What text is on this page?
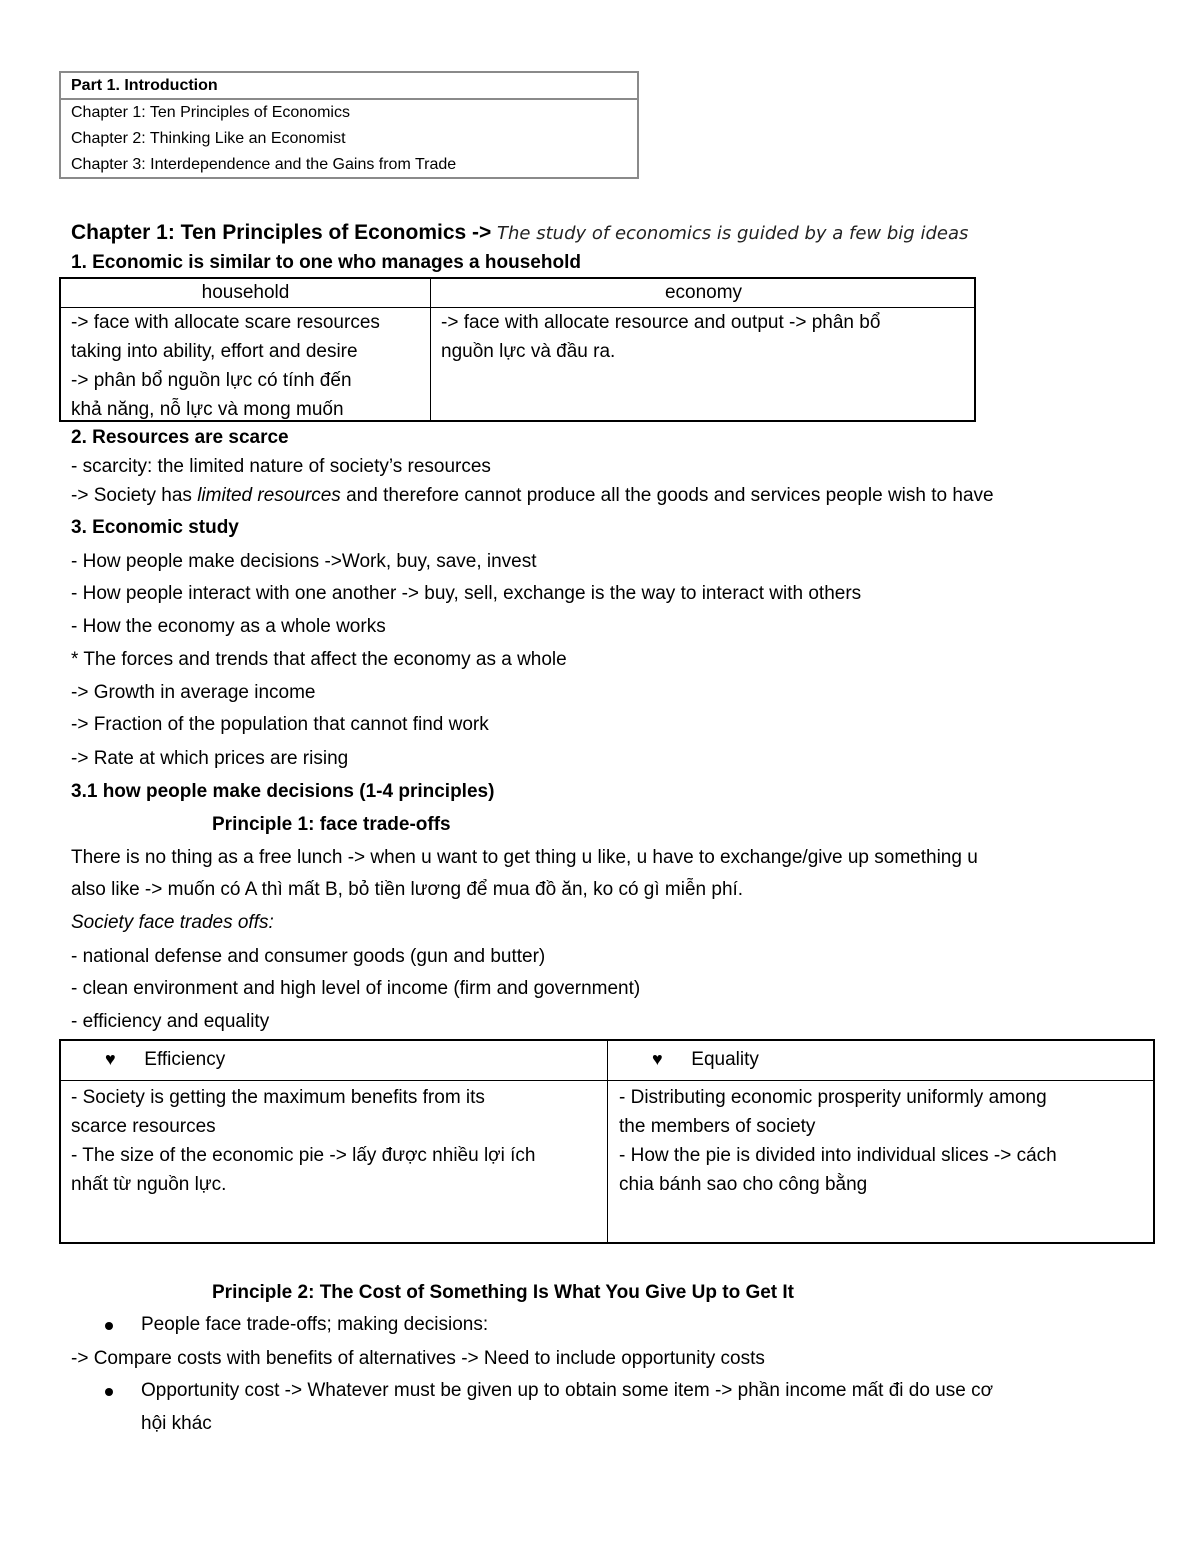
Part 1. Introduction
Chapter 1: Ten Principles of Economics
Chapter 2: Thinking Like an Economist
Chapter 3: Interdependence and the Gains from Trade
Chapter 1: Ten Principles of Economics -> The study of economics is guided by a few big ideas
1. Economic is similar to one who manages a household
household	economy
-> face with allocate scare resources
taking into ability, effort and desire
-> phân bổ nguồn lực có tính đến
khả năng, nỗ lực và mong muốn
-> face with allocate resource and output -> phân bổ
nguồn lực và đầu ra.
2. Resources are scarce
- scarcity: the limited nature of society’s resources
-> Society has limited resources and therefore cannot produce all the goods and services people wish to have
3. Economic study
- How people make decisions ->Work, buy, save, invest
- How people interact with one another -> buy, sell, exchange is the way to interact with others
- How the economy as a whole works
* The forces and trends that affect the economy as a whole
-> Growth in average income
-> Fraction of the population that cannot find work
-> Rate at which prices are rising
3.1 how people make decisions (1-4 principles)
Principle 1: face trade-offs
There is no thing as a free lunch -> when u want to get thing u like, u have to exchange/give up something u
also like -> muốn có A thì mất B, bỏ tiền lương để mua đồ ăn, ko có gì miễn phí.
Society face trades offs:
- national defense and consumer goods (gun and butter)
- clean environment and high level of income (firm and government)
- efficiency and equality
♥ Efficiency	♥ Equality
- Society is getting the maximum benefits from its
scarce resources
- The size of the economic pie -> lấy được nhiều lợi ích
nhất từ nguồn lực.
- Distributing economic prosperity uniformly among
the members of society
- How the pie is divided into individual slices -> cách
chia bánh sao cho công bằng
Principle 2: The Cost of Something Is What You Give Up to Get It
People face trade-offs; making decisions:
-> Compare costs with benefits of alternatives -> Need to include opportunity costs
Opportunity cost -> Whatever must be given up to obtain some item -> phần income mất đi do use cơ
hội khác
